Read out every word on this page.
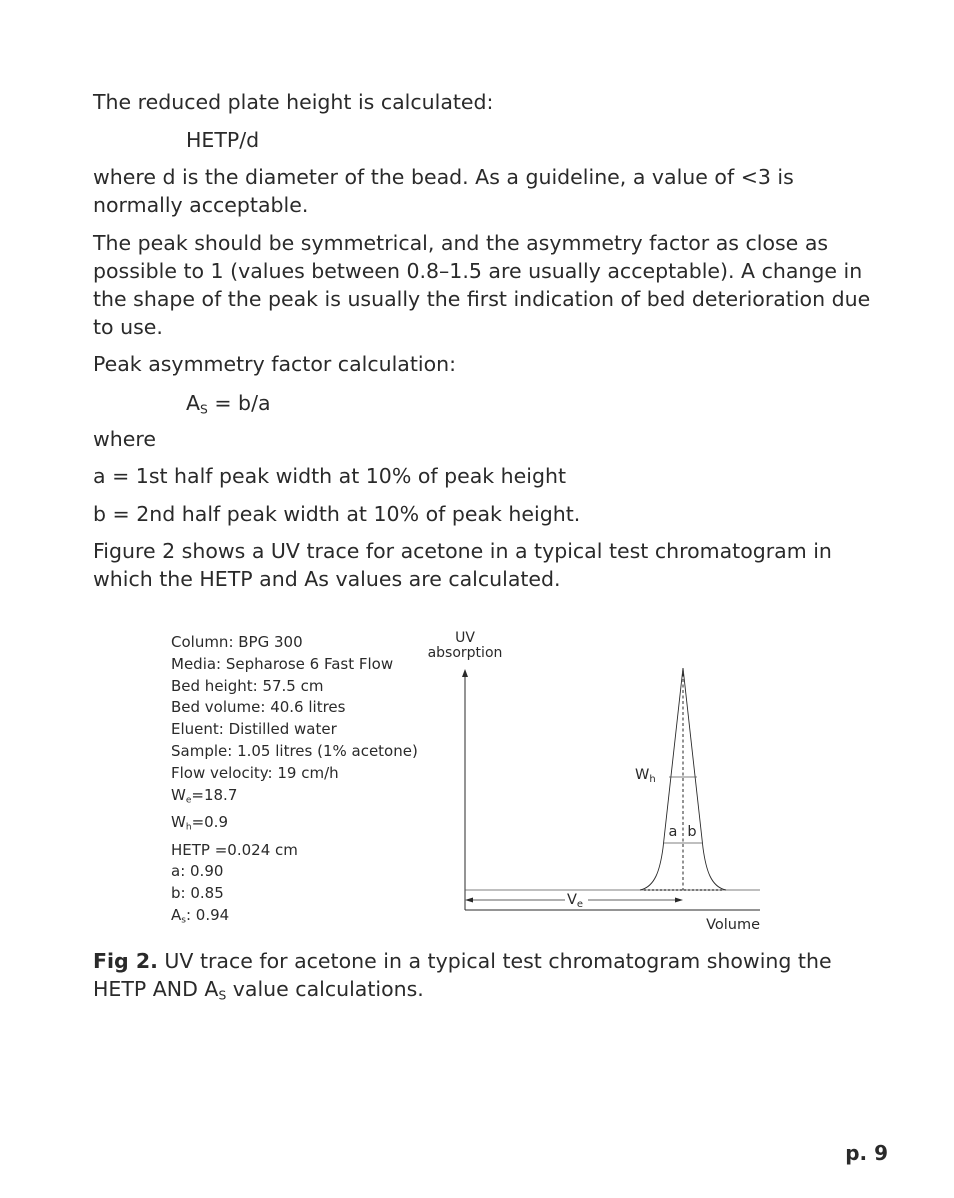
The reduced plate height is calculated:

HETP/d

where d is the diameter of the bead. As a guideline, a value of <3 is normally acceptable.

The peak should be symmetrical, and the asymmetry factor as close as possible to 1 (values between 0.8–1.5 are usually acceptable). A change in the shape of the peak is usually the first indication of bed deterioration due to use.

Peak asymmetry factor calculation:

$A_S = b/a$

where

a = 1st half peak width at 10% of peak height

b = 2nd half peak width at 10% of peak height.

Figure 2 shows a UV trace for acetone in a typical test chromatogram in which the HETP and As values are calculated.

Column: BPG 300
Media: Sepharose 6 Fast Flow
Bed height: 57.5 cm
Bed volume: 40.6 litres
Eluent: Distilled water
Sample: 1.05 litres (1% acetone)
Flow velocity: 19 cm/h
$W_e=18.7$
$W_h=0.9$
HETP =0.024 cm
a: 0.90
b: 0.85
$A_s$: 0.94
UV
absorption
Volume
$W_h$
a b
$V_e$
Fig 2. UV trace for acetone in a typical test chromatogram showing the HETP AND $A_S$ value calculations.
p. 9
